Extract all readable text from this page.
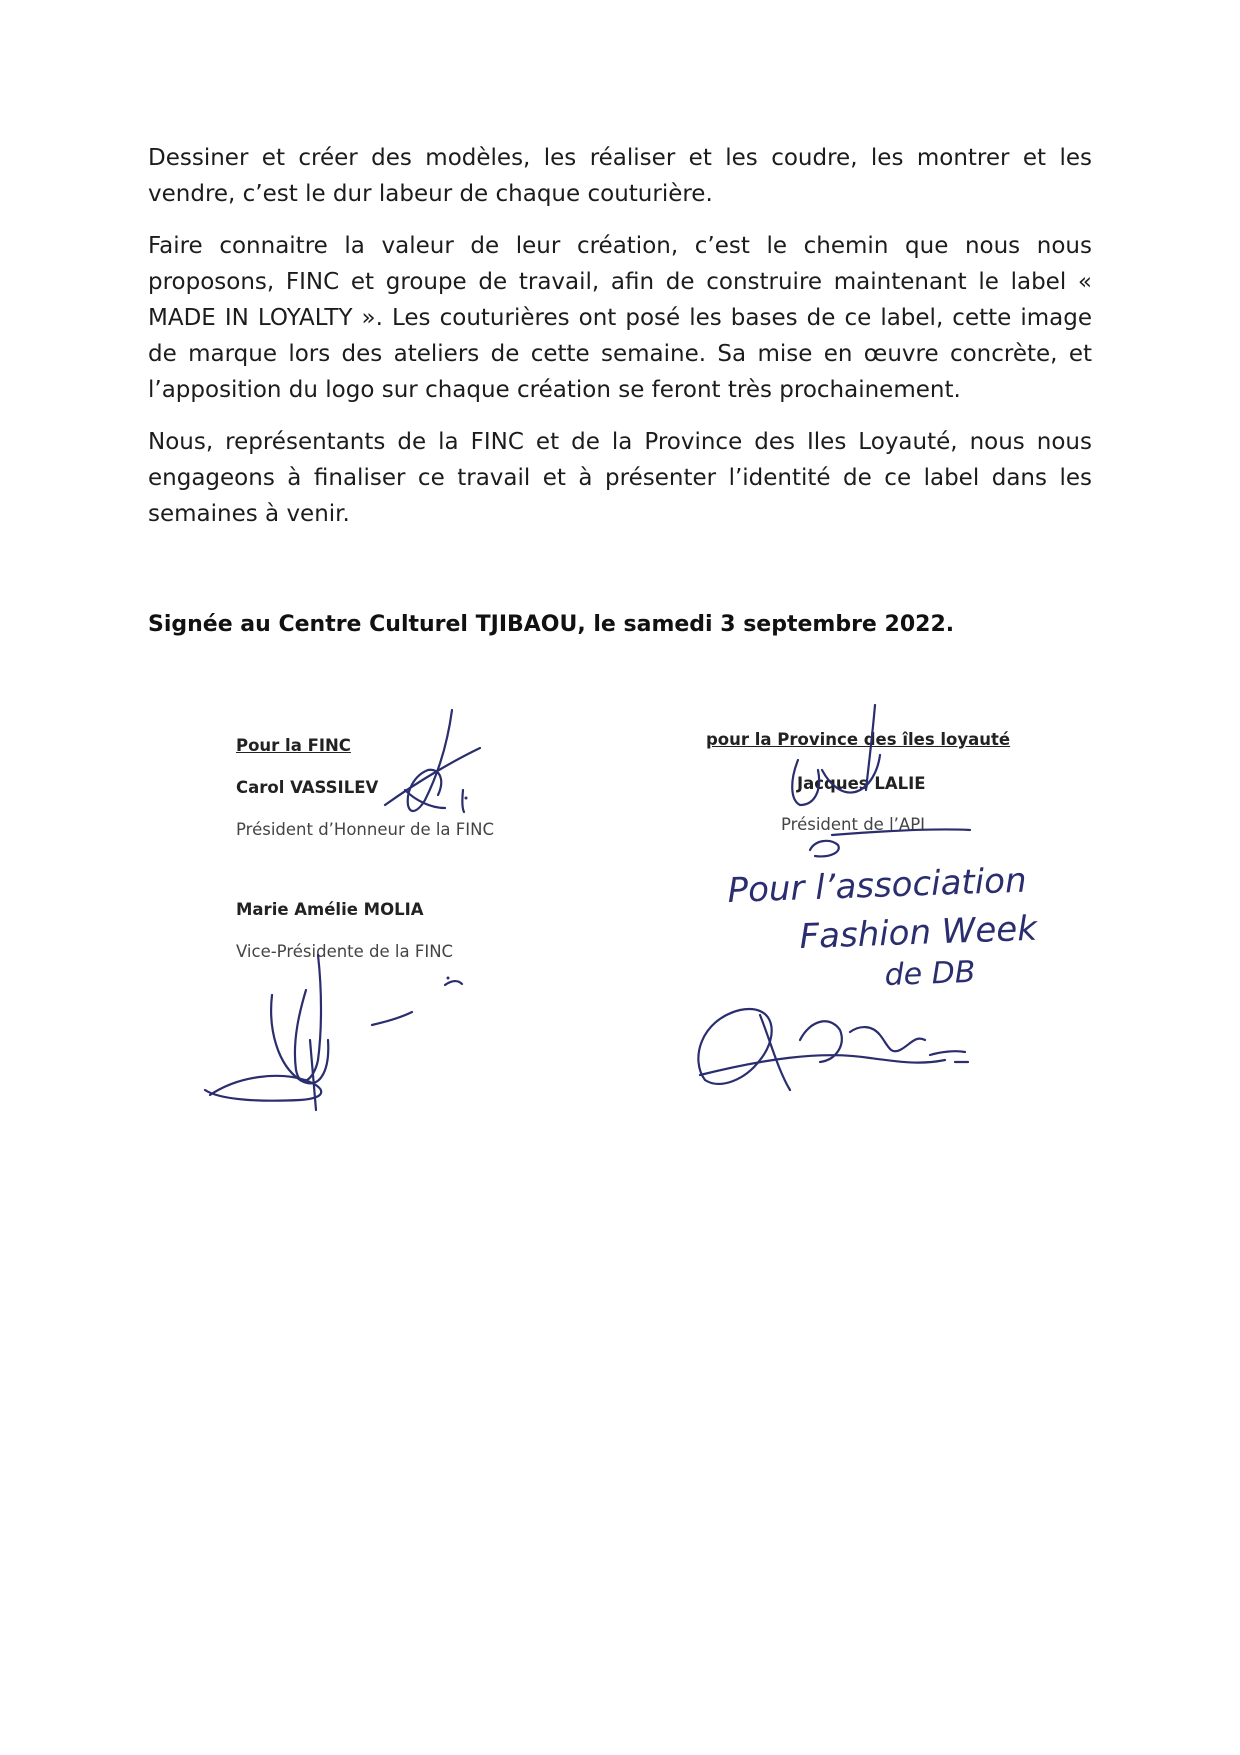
Dessiner et créer des modèles, les réaliser et les coudre, les montrer et les vendre, c’est le dur labeur de chaque couturière.

Faire connaitre la valeur de leur création, c’est le chemin que nous nous proposons, FINC et groupe de travail, afin de construire maintenant le label « MADE IN LOYALTY ». Les couturières ont posé les bases de ce label, cette image de marque lors des ateliers de cette semaine. Sa mise en œuvre concrète, et l’apposition du logo sur chaque création se feront très prochainement.

Nous, représentants de la FINC et de la Province des Iles Loyauté, nous nous engageons à finaliser ce travail et à présenter l’identité de ce label dans les semaines à venir.

Signée au Centre Culturel TJIBAOU, le samedi 3 septembre 2022.
Pour la FINC
Carol VASSILEV
Président d’Honneur de la FINC
Marie Amélie MOLIA
Vice-Présidente de la FINC
pour la Province des îles loyauté
Jacques LALIE
Président de l’API
Pour l’association
Fashion Week
de DB
